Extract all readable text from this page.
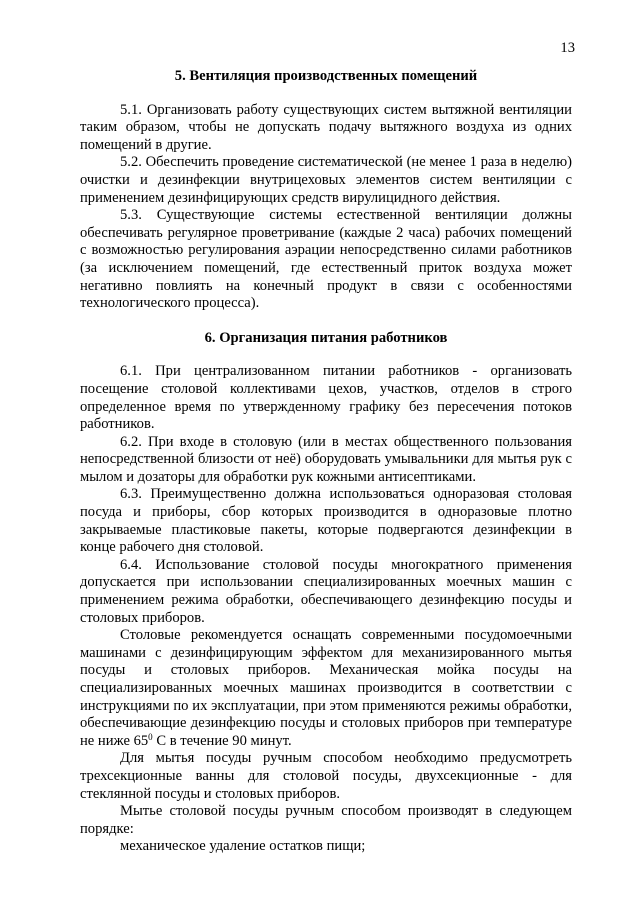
13
5. Вентиляция производственных помещений

5.1. Организовать работу существующих систем вытяжной вентиляции таким образом, чтобы не допускать подачу вытяжного воздуха из одних помещений в другие.

5.2. Обеспечить проведение систематической (не менее 1 раза в неделю) очистки и дезинфекции внутрицеховых элементов систем вентиляции с применением дезинфицирующих средств вирулицидного действия.

5.3. Существующие системы естественной вентиляции должны обеспечивать регулярное проветривание (каждые 2 часа) рабочих помещений с возможностью регулирования аэрации непосредственно силами работников (за исключением помещений, где естественный приток воздуха может негативно повлиять на конечный продукт в связи с особенностями технологического процесса).

6. Организация питания работников

6.1. При централизованном питании работников - организовать посещение столовой коллективами цехов, участков, отделов в строго определенное время по утвержденному графику без пересечения потоков работников.

6.2. При входе в столовую (или в местах общественного пользования непосредственной близости от неё) оборудовать умывальники для мытья рук с мылом и дозаторы для обработки рук кожными антисептиками.

6.3. Преимущественно должна использоваться одноразовая столовая посуда и приборы, сбор которых производится в одноразовые плотно закрываемые пластиковые пакеты, которые подвергаются дезинфекции в конце рабочего дня столовой.

6.4. Использование столовой посуды многократного применения допускается при использовании специализированных моечных машин с применением режима обработки, обеспечивающего дезинфекцию посуды и столовых приборов.

Столовые рекомендуется оснащать современными посудомоечными машинами с дезинфицирующим эффектом для механизированного мытья посуды и столовых приборов. Механическая мойка посуды на специализированных моечных машинах производится в соответствии с инструкциями по их эксплуатации, при этом применяются режимы обработки, обеспечивающие дезинфекцию посуды и столовых приборов при температуре не ниже $65^0$ С в течение 90 минут.

Для мытья посуды ручным способом необходимо предусмотреть трехсекционные ванны для столовой посуды, двухсекционные - для стеклянной посуды и столовых приборов.

Мытье столовой посуды ручным способом производят в следующем порядке:

механическое удаление остатков пищи;
